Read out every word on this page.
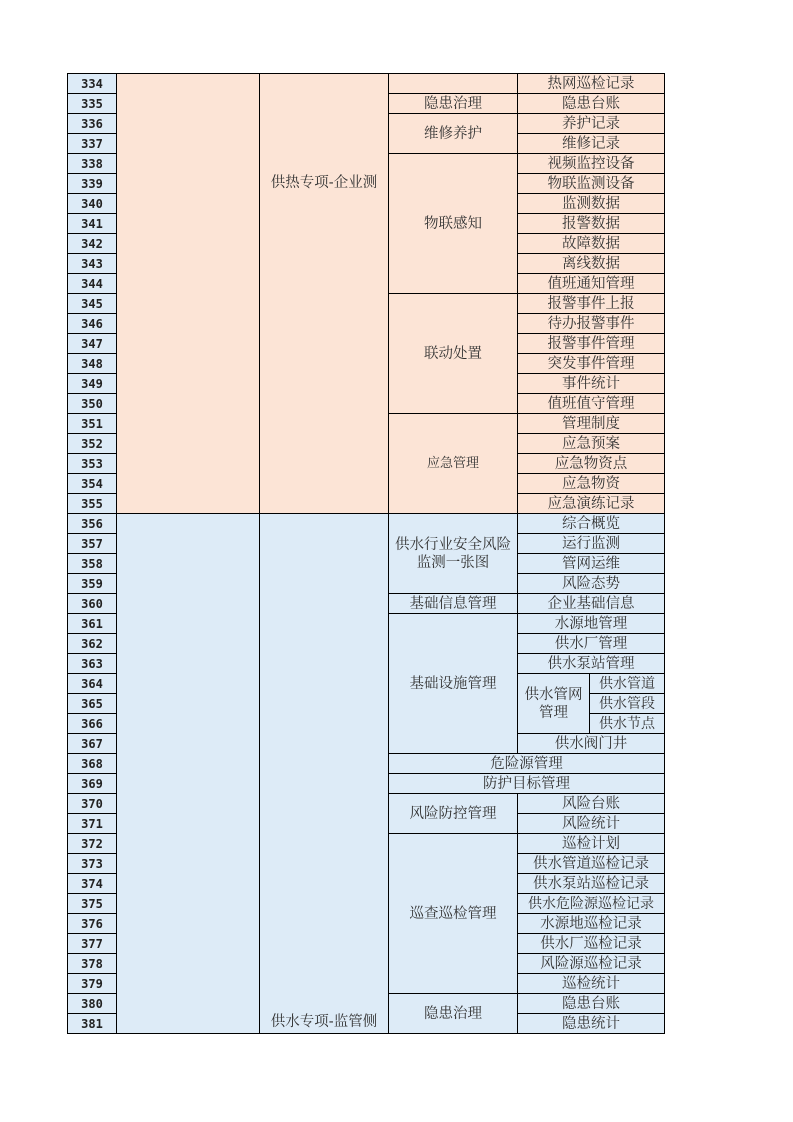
334		供热专项-企业测		热网巡检记录	
335			隐患治理	隐患台账	
336			维修养护	养护记录	
337				维修记录	
338			物联感知	视频监控设备	
339				物联监测设备	
340				监测数据	
341				报警数据	
342				故障数据	
343				离线数据	
344				值班通知管理	
345			联动处置	报警事件上报	
346				待办报警事件	
347				报警事件管理	
348				突发事件管理	
349				事件统计	
350				值班值守管理	
351			应急管理	管理制度	
352				应急预案	
353				应急物资点	
354				应急物资	
355				应急演练记录	
356		供水专项-监管侧	供水行业安全风险监测一张图	综合概览	
357				运行监测	
358				管网运维	
359				风险态势	
360			基础信息管理	企业基础信息	
361			基础设施管理	水源地管理	
362				供水厂管理	
363				供水泵站管理	
364				供水管网管理	供水管道
365					供水管段
366					供水节点
367				供水阀门井	
368			危险源管理		
369			防护目标管理		
370			风险防控管理	风险台账	
371				风险统计	
372			巡查巡检管理	巡检计划	
373				供水管道巡检记录	
374				供水泵站巡检记录	
375				供水危险源巡检记录	
376				水源地巡检记录	
377				供水厂巡检记录	
378				风险源巡检记录	
379				巡检统计	
380			隐患治理	隐患台账	
381				隐患统计	
